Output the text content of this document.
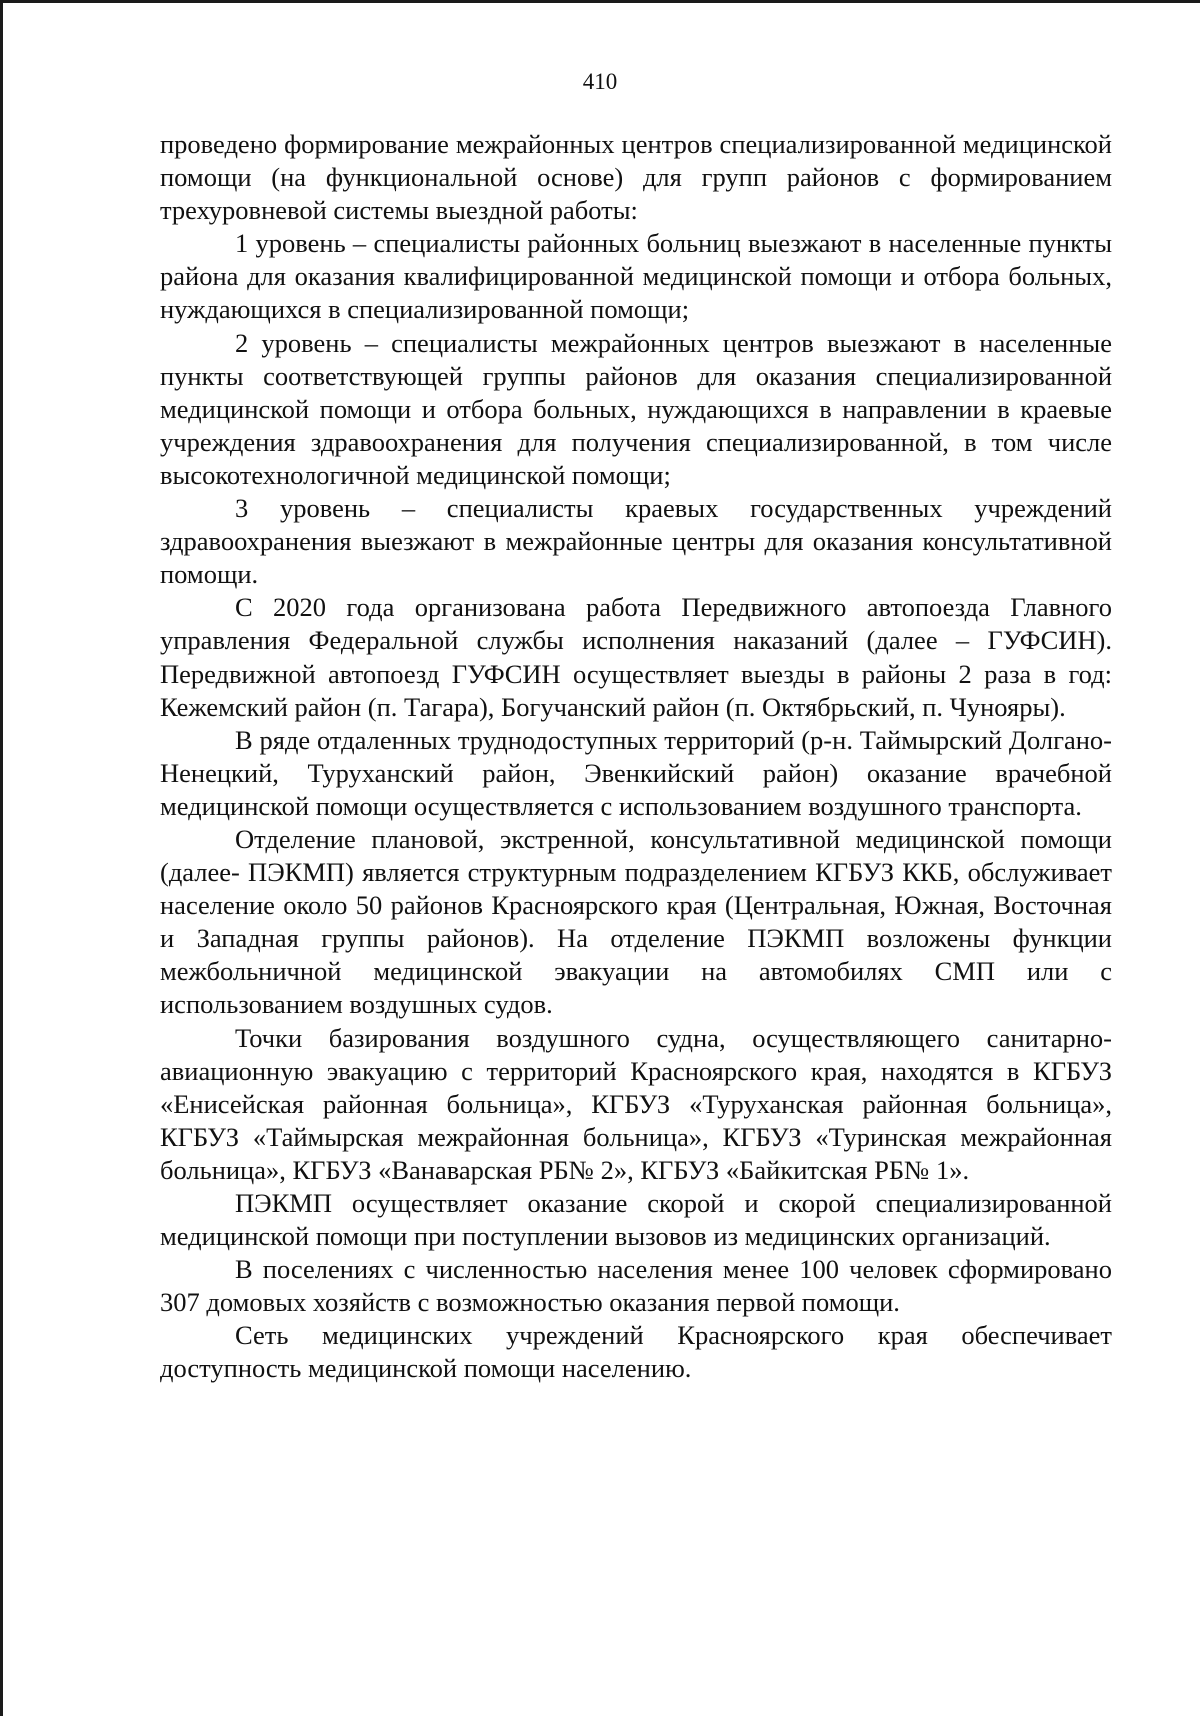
410

проведено формирование межрайонных центров специализированной медицинской помощи (на функциональной основе) для групп районов с формированием трехуровневой системы выездной работы:

1 уровень – специалисты районных больниц выезжают в населенные пункты района для оказания квалифицированной медицинской помощи и отбора больных, нуждающихся в специализированной помощи;

2 уровень – специалисты межрайонных центров выезжают в населенные пункты соответствующей группы районов для оказания специализированной медицинской помощи и отбора больных, нуждающихся в направлении в краевые учреждения здравоохранения для получения специализированной, в том числе высокотехнологичной медицинской помощи;

3 уровень – специалисты краевых государственных учреждений здравоохранения выезжают в межрайонные центры для оказания консультативной помощи.

С 2020 года организована работа Передвижного автопоезда Главного управления Федеральной службы исполнения наказаний (далее – ГУФСИН). Передвижной автопоезд ГУФСИН осуществляет выезды в районы 2 раза в год: Кежемский район (п. Тагара), Богучанский район (п. Октябрьский, п. Чунояры).

В ряде отдаленных труднодоступных территорий (р-н. Таймырский Долгано-Ненецкий, Туруханский район, Эвенкийский район) оказание врачебной медицинской помощи осуществляется с использованием воздушного транспорта.

Отделение плановой, экстренной, консультативной медицинской помощи (далее- ПЭКМП) является структурным подразделением КГБУЗ ККБ, обслуживает население около 50 районов Красноярского края (Центральная, Южная, Восточная и Западная группы районов). На отделение ПЭКМП возложены функции межбольничной медицинской эвакуации на автомобилях СМП или с использованием воздушных судов.

Точки базирования воздушного судна, осуществляющего санитарно-авиационную эвакуацию с территорий Красноярского края, находятся в КГБУЗ «Енисейская районная больница», КГБУЗ «Туруханская районная больница», КГБУЗ «Таймырская межрайонная больница», КГБУЗ «Туринская межрайонная больница», КГБУЗ «Ванаварская РБ№ 2», КГБУЗ «Байкитская РБ№ 1».

ПЭКМП осуществляет оказание скорой и скорой специализированной медицинской помощи при поступлении вызовов из медицинских организаций.

В поселениях с численностью населения менее 100 человек сформировано 307 домовых хозяйств с возможностью оказания первой помощи.

Сеть медицинских учреждений Красноярского края обеспечивает доступность медицинской помощи населению.
